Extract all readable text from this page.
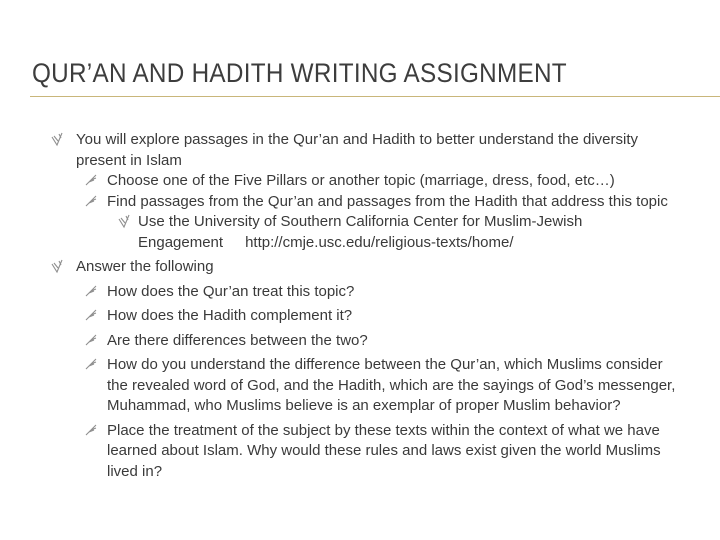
QUR’AN AND HADITH WRITING ASSIGNMENT
You will explore passages in the Qur’an and Hadith to better understand the diversity present in Islam
Choose one of the Five Pillars or another topic (marriage, dress, food, etc…)
Find passages from the Qur’an and passages from the Hadith that address this topic
Use the University of Southern California Center for Muslim-Jewish Engagement http://cmje.usc.edu/religious-texts/home/
Answer the following
How does the Qur’an treat this topic?
How does the Hadith complement it?
Are there differences between the two?
How do you understand the difference between the Qur’an, which Muslims consider the revealed word of God, and the Hadith, which are the sayings of God’s messenger, Muhammad, who Muslims believe is an exemplar of proper Muslim behavior?
Place the treatment of the subject by these texts within the context of what we have learned about Islam. Why would these rules and laws exist given the world Muslims lived in?
